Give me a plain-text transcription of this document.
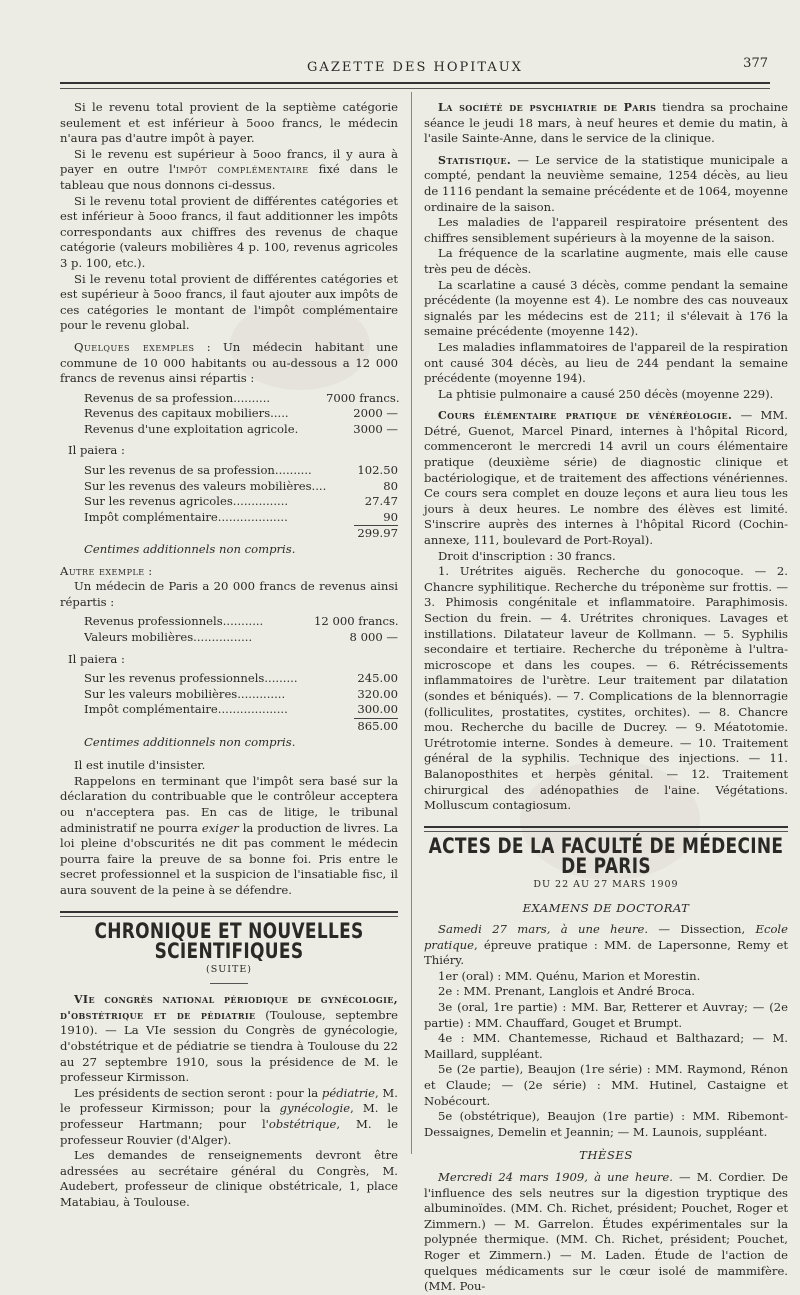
GAZETTE DES HOPITAUX	377

Si le revenu total provient de la septième catégorie seulement et est inférieur à 5ooo francs, le médecin n'aura pas d'autre impôt à payer.

Si le revenu est supérieur à 5ooo francs, il y aura à payer en outre l'impôt complémentaire fixé dans le tableau que nous donnons ci-dessus.

Si le revenu total provient de différentes catégories et est inférieur à 5ooo francs, il faut additionner les impôts correspondants aux chiffres des revenus de chaque catégorie (valeurs mobilières 4 p. 100, revenus agricoles 3 p. 100, etc.).

Si le revenu total provient de différentes catégories et est supérieur à 5ooo francs, il faut ajouter aux impôts de ces catégories le montant de l'impôt complémentaire pour le revenu global.

Quelques exemples : Un médecin habitant une commune de 10 000 habitants ou au-dessous a 12 000 francs de revenus ainsi répartis :

Revenus de sa profession..........	7000 francs.
Revenus des capitaux mobiliers.....	2000 —
Revenus d'une exploitation agricole.	3000 —

Il paiera :

Sur les revenus de sa profession..........	102.50
Sur les revenus des valeurs mobilières....	80
Sur les revenus agricoles...............	27.47
Impôt complémentaire...................	90
299.97
Centimes additionnels non compris.

Autre exemple :

Un médecin de Paris a 20 000 francs de revenus ainsi répartis :

Revenus professionnels...........	12 000 francs.
Valeurs mobilières................	8 000 —

Il paiera :

Sur les revenus professionnels.........	245.00
Sur les valeurs mobilières.............	320.00
Impôt complémentaire...................	300.00
865.00
Centimes additionnels non compris.

Il est inutile d'insister.

Rappelons en terminant que l'impôt sera basé sur la déclaration du contribuable que le contrôleur acceptera ou n'acceptera pas. En cas de litige, le tribunal administratif ne pourra exiger la production de livres. La loi pleine d'obscurités ne dit pas comment le médecin pourra faire la preuve de sa bonne foi. Pris entre le secret professionnel et la suspicion de l'insatiable fisc, il aura souvent de la peine à se défendre.

CHRONIQUE ET NOUVELLES SCIENTIFIQUES
(SUITE)

VIe congrès national périodique de gynécologie, d'obstétrique et de pédiatrie (Toulouse, septembre 1910). — La VIe session du Congrès de gynécologie, d'obstétrique et de pédiatrie se tiendra à Toulouse du 22 au 27 septembre 1910, sous la présidence de M. le professeur Kirmisson.

Les présidents de section seront : pour la pédiatrie, M. le professeur Kirmisson; pour la gynécologie, M. le professeur Hartmann; pour l'obstétrique, M. le professeur Rouvier (d'Alger).

Les demandes de renseignements devront être adressées au secrétaire général du Congrès, M. Audebert, professeur de clinique obstétricale, 1, place Matabiau, à Toulouse.

La société de psychiatrie de Paris tiendra sa prochaine séance le jeudi 18 mars, à neuf heures et demie du matin, à l'asile Sainte-Anne, dans le service de la clinique.

Statistique. — Le service de la statistique municipale a compté, pendant la neuvième semaine, 1254 décès, au lieu de 1116 pendant la semaine précédente et de 1064, moyenne ordinaire de la saison.

Les maladies de l'appareil respiratoire présentent des chiffres sensiblement supérieurs à la moyenne de la saison.

La fréquence de la scarlatine augmente, mais elle cause très peu de décès.

La scarlatine a causé 3 décès, comme pendant la semaine précédente (la moyenne est 4). Le nombre des cas nouveaux signalés par les médecins est de 211; il s'élevait à 176 la semaine précédente (moyenne 142).

Les maladies inflammatoires de l'appareil de la respiration ont causé 304 décès, au lieu de 244 pendant la semaine précédente (moyenne 194).

La phtisie pulmonaire a causé 250 décès (moyenne 229).

Cours élémentaire pratique de vénéréologie. — MM. Détré, Guenot, Marcel Pinard, internes à l'hôpital Ricord, commenceront le mercredi 14 avril un cours élémentaire pratique (deuxième série) de diagnostic clinique et bactériologique, et de traitement des affections vénériennes. Ce cours sera complet en douze leçons et aura lieu tous les jours à deux heures. Le nombre des élèves est limité. S'inscrire auprès des internes à l'hôpital Ricord (Cochin-annexe, 111, boulevard de Port-Royal).

Droit d'inscription : 30 francs.

1. Urétrites aiguës. Recherche du gonocoque. — 2. Chancre syphilitique. Recherche du tréponème sur frottis. — 3. Phimosis congénitale et inflammatoire. Paraphimosis. Section du frein. — 4. Urétrites chroniques. Lavages et instillations. Dilatateur laveur de Kollmann. — 5. Syphilis secondaire et tertiaire. Recherche du tréponème à l'ultra-microscope et dans les coupes. — 6. Rétrécissements inflammatoires de l'urètre. Leur traitement par dilatation (sondes et béniqués). — 7. Complications de la blennorragie (folliculites, prostatites, cystites, orchites). — 8. Chancre mou. Recherche du bacille de Ducrey. — 9. Méatotomie. Urétrotomie interne. Sondes à demeure. — 10. Traitement général de la syphilis. Technique des injections. — 11. Balanoposthites et herpès génital. — 12. Traitement chirurgical des adénopathies de l'aine. Végétations. Molluscum contagiosum.

ACTES DE LA FACULTÉ DE MÉDECINE DE PARIS
DU 22 AU 27 MARS 1909
EXAMENS DE DOCTORAT

Samedi 27 mars, à une heure. — Dissection, Ecole pratique, épreuve pratique : MM. de Lapersonne, Remy et Thiéry.

1er (oral) : MM. Quénu, Marion et Morestin.

2e : MM. Prenant, Langlois et André Broca.

3e (oral, 1re partie) : MM. Bar, Retterer et Auvray; — (2e partie) : MM. Chauffard, Gouget et Brumpt.

4e : MM. Chantemesse, Richaud et Balthazard; — M. Maillard, suppléant.

5e (2e partie), Beaujon (1re série) : MM. Raymond, Rénon et Claude; — (2e série) : MM. Hutinel, Castaigne et Nobécourt.

5e (obstétrique), Beaujon (1re partie) : MM. Ribemont-Dessaignes, Demelin et Jeannin; — M. Launois, suppléant.

THÈSES

Mercredi 24 mars 1909, à une heure. — M. Cordier. De l'influence des sels neutres sur la digestion tryptique des albuminoïdes. (MM. Ch. Richet, président; Pouchet, Roger et Zimmern.) — M. Garrelon. Études expérimentales sur la polypnée thermique. (MM. Ch. Richet, président; Pouchet, Roger et Zimmern.) — M. Laden. Étude de l'action de quelques médicaments sur le cœur isolé de mammifère. (MM. Pou-
